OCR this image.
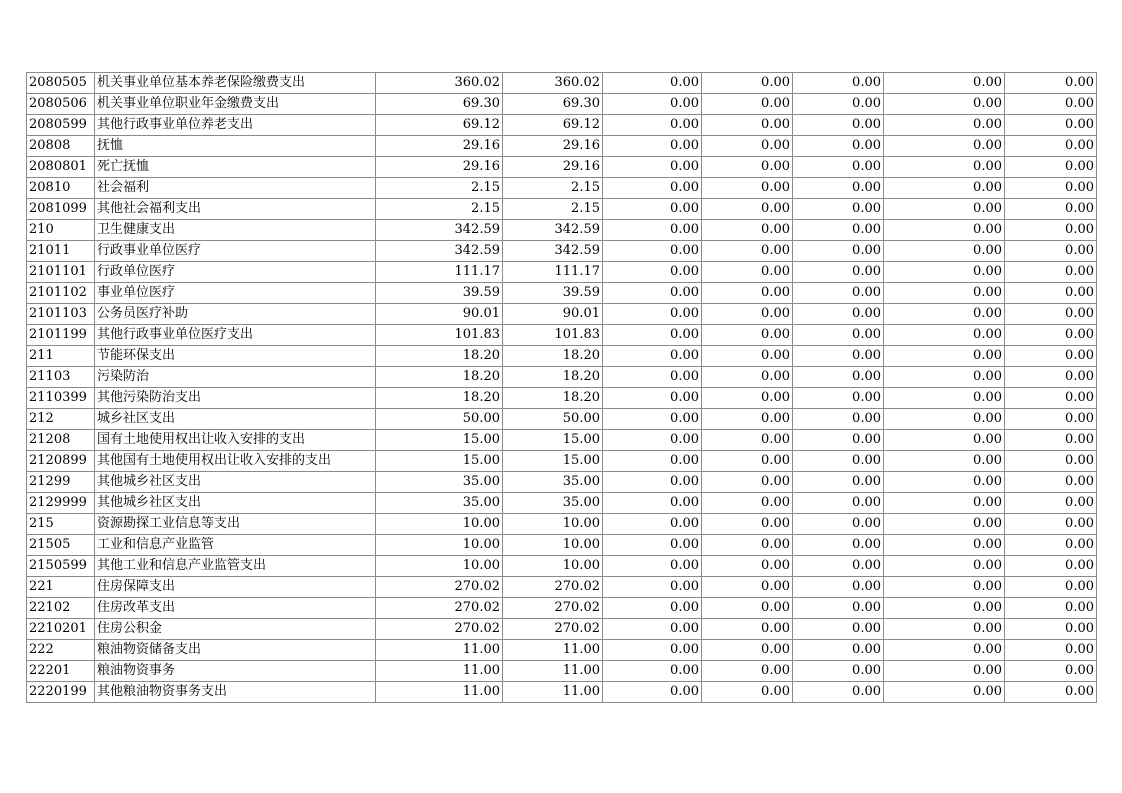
2080505	机关事业单位基本养老保险缴费支出	360.02	360.02	0.00	0.00	0.00	0.00	0.00
2080506	机关事业单位职业年金缴费支出	69.30	69.30	0.00	0.00	0.00	0.00	0.00
2080599	其他行政事业单位养老支出	69.12	69.12	0.00	0.00	0.00	0.00	0.00
20808	抚恤	29.16	29.16	0.00	0.00	0.00	0.00	0.00
2080801	死亡抚恤	29.16	29.16	0.00	0.00	0.00	0.00	0.00
20810	社会福利	2.15	2.15	0.00	0.00	0.00	0.00	0.00
2081099	其他社会福利支出	2.15	2.15	0.00	0.00	0.00	0.00	0.00
210	卫生健康支出	342.59	342.59	0.00	0.00	0.00	0.00	0.00
21011	行政事业单位医疗	342.59	342.59	0.00	0.00	0.00	0.00	0.00
2101101	行政单位医疗	111.17	111.17	0.00	0.00	0.00	0.00	0.00
2101102	事业单位医疗	39.59	39.59	0.00	0.00	0.00	0.00	0.00
2101103	公务员医疗补助	90.01	90.01	0.00	0.00	0.00	0.00	0.00
2101199	其他行政事业单位医疗支出	101.83	101.83	0.00	0.00	0.00	0.00	0.00
211	节能环保支出	18.20	18.20	0.00	0.00	0.00	0.00	0.00
21103	污染防治	18.20	18.20	0.00	0.00	0.00	0.00	0.00
2110399	其他污染防治支出	18.20	18.20	0.00	0.00	0.00	0.00	0.00
212	城乡社区支出	50.00	50.00	0.00	0.00	0.00	0.00	0.00
21208	国有土地使用权出让收入安排的支出	15.00	15.00	0.00	0.00	0.00	0.00	0.00
2120899	其他国有土地使用权出让收入安排的支出	15.00	15.00	0.00	0.00	0.00	0.00	0.00
21299	其他城乡社区支出	35.00	35.00	0.00	0.00	0.00	0.00	0.00
2129999	其他城乡社区支出	35.00	35.00	0.00	0.00	0.00	0.00	0.00
215	资源勘探工业信息等支出	10.00	10.00	0.00	0.00	0.00	0.00	0.00
21505	工业和信息产业监管	10.00	10.00	0.00	0.00	0.00	0.00	0.00
2150599	其他工业和信息产业监管支出	10.00	10.00	0.00	0.00	0.00	0.00	0.00
221	住房保障支出	270.02	270.02	0.00	0.00	0.00	0.00	0.00
22102	住房改革支出	270.02	270.02	0.00	0.00	0.00	0.00	0.00
2210201	住房公积金	270.02	270.02	0.00	0.00	0.00	0.00	0.00
222	粮油物资储备支出	11.00	11.00	0.00	0.00	0.00	0.00	0.00
22201	粮油物资事务	11.00	11.00	0.00	0.00	0.00	0.00	0.00
2220199	其他粮油物资事务支出	11.00	11.00	0.00	0.00	0.00	0.00	0.00
